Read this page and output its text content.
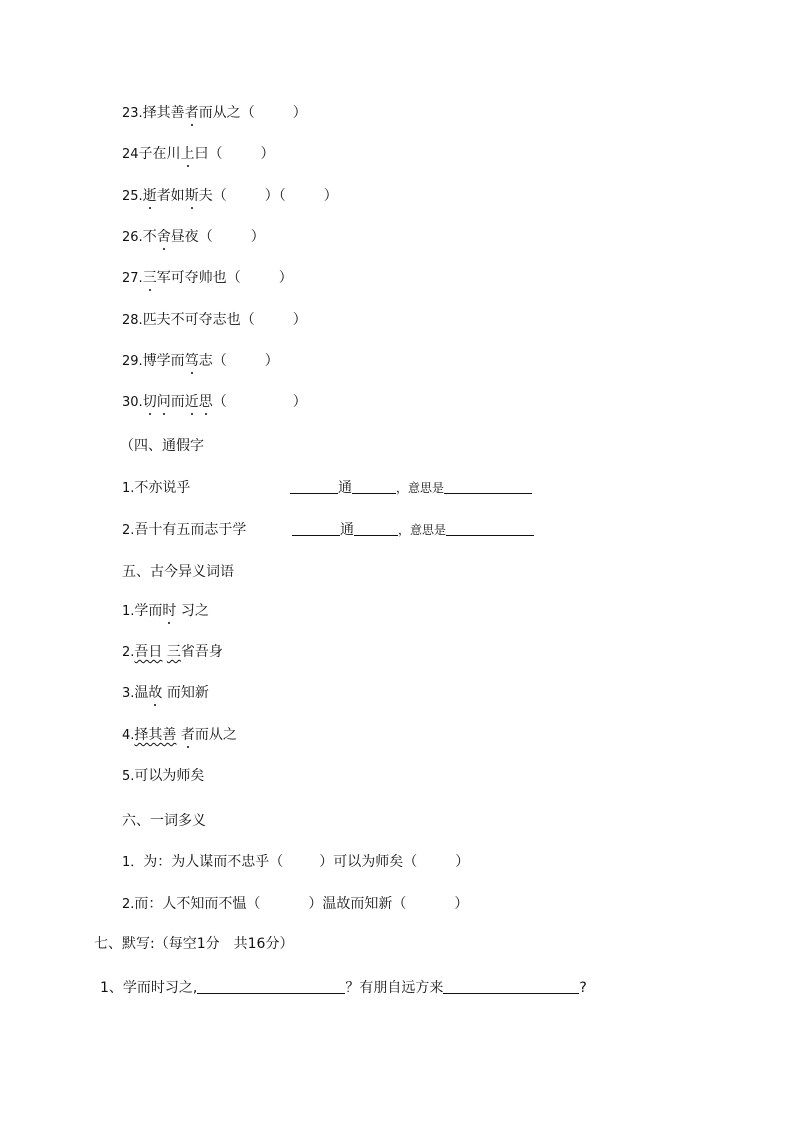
23.择其善者而从之（	）
24子在川上曰（	）
25.逝者如斯夫（	）（	）
26.不舍昼夜（	）
27.三军可夺帅也（	）
28.匹夫不可夺志也（	）
29.博学而笃志（	）
30.切问而近思（	）
（四、通假字
1.不亦说乎	通	，意思是
2.吾十有五而志于学	通	，意思是
五、古今异义词语
1.学而时 习之
2.吾日 三省吾身
3.温故 而知新
4.择其善 者而从之
5.可以为师矣
六、一词多义
1．为：为人谋而不忠乎（	）可以为师矣（	）
2.而：人不知而不愠（	）温故而知新（	）
七、默写:（每空1分　共16分）
1、学而时习之,	？有朋自远方来	?
